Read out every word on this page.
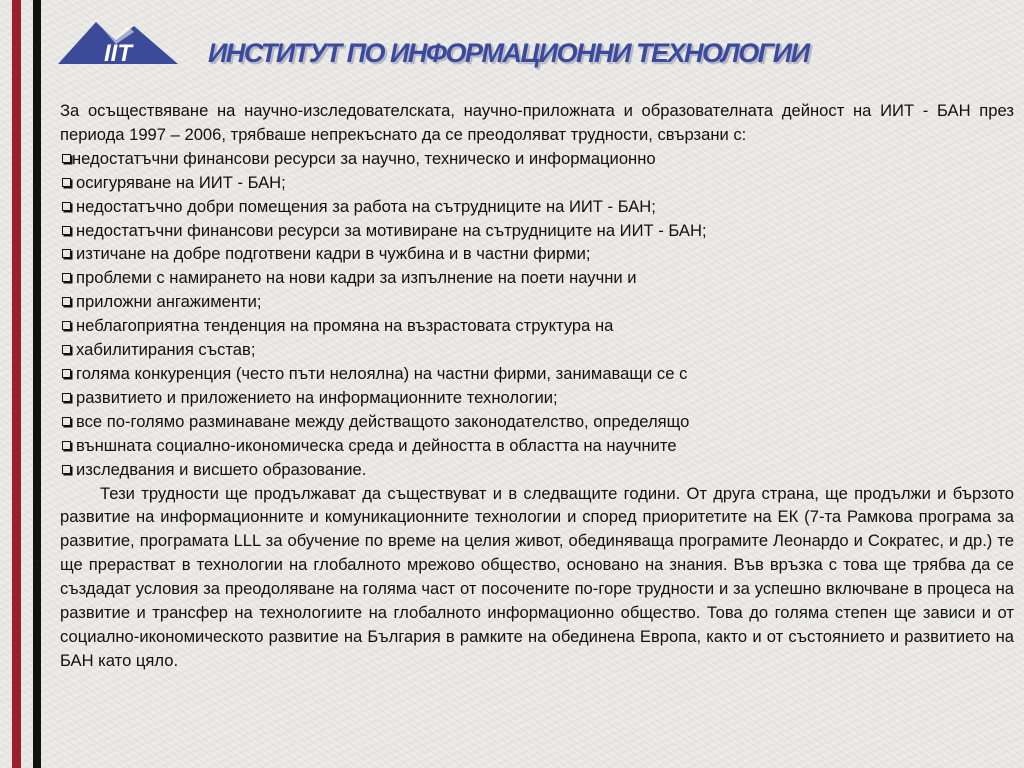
IIT	ИНСТИТУТ ПО ИНФОРМАЦИОННИ ТЕХНОЛОГИИ

За осъществяване на научно-изследователската, научно-приложната и образователната дейност на ИИТ - БАН през периода 1997 – 2006, трябваше непрекъснато да се преодоляват трудности, свързани с:

недостатъчни финансови ресурси за научно, техническо и информационно
осигуряване на ИИТ - БАН;
недостатъчно добри помещения за работа на сътрудниците на ИИТ - БАН;
недостатъчни финансови ресурси за мотивиране на сътрудниците на ИИТ - БАН;
изтичане на добре подготвени кадри в чужбина и в частни фирми;
проблеми с намирането на нови кадри за изпълнение на поети научни и
приложни ангажименти;
неблагоприятна тенденция на промяна на възрастовата структура на
хабилитирания състав;
голяма конкуренция (често пъти нелоялна) на частни фирми, занимаващи се с
развитието и приложението на информационните технологии;
все по-голямо разминаване между действащото законодателство, определящо
външната социално-икономическа среда и дейността в областта на научните
изследвания и висшето образование.

Тези трудности ще продължават да съществуват и в следващите години. От друга страна, ще продължи и бързото развитие на информационните и комуникационните технологии и според приоритетите на ЕК (7-та Рамкова програма за развитие, програмата LLL за обучение по време на целия живот, обединяваща програмите Леонардо и Сократес, и др.) те ще прерастват в технологии на глобалното мрежово общество, основано на знания. Във връзка с това ще трябва да се създадат условия за преодоляване на голяма част от посочените по-горе трудности и за успешно включване в процеса на развитие и трансфер на технологиите на глобалното информационно общество. Това до голяма степен ще зависи и от социално-икономическото развитие на България в рамките на обединена Европа, както и от състоянието и развитието на БАН като цяло.
